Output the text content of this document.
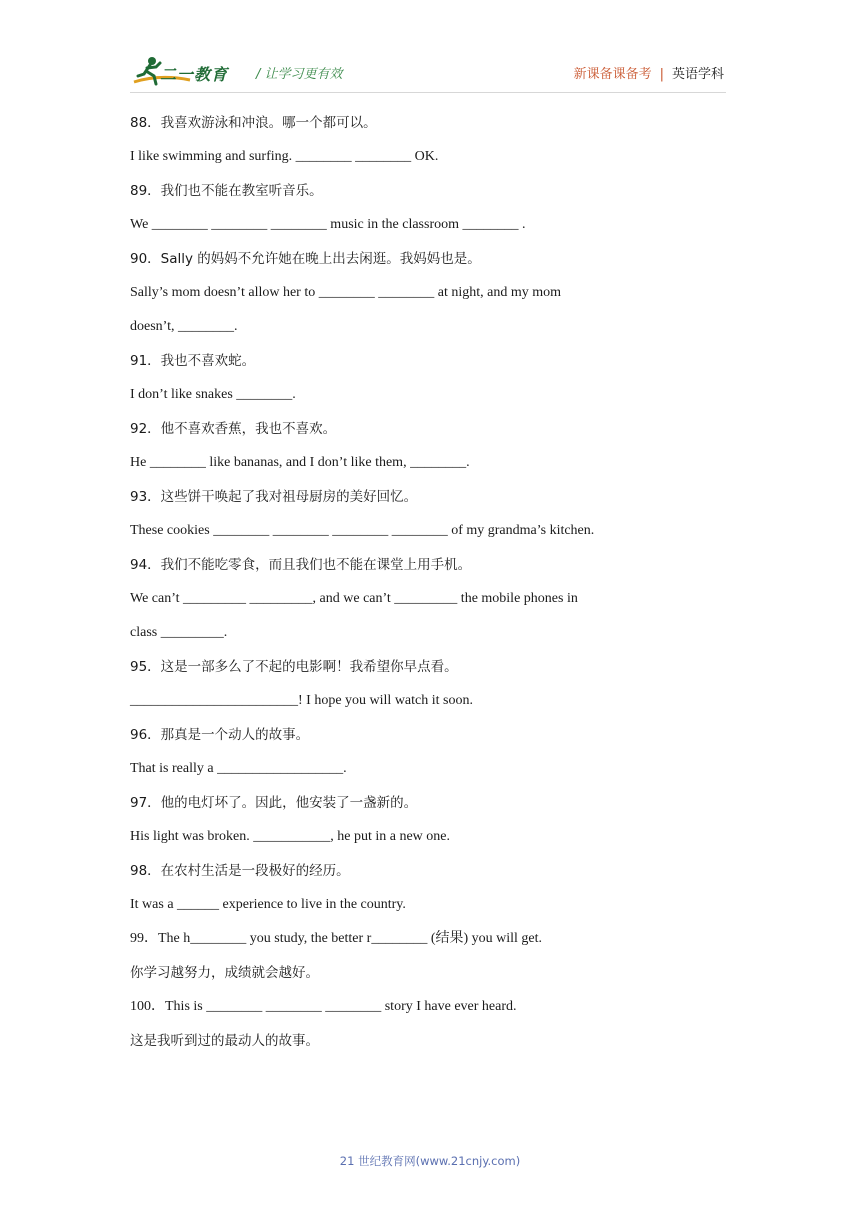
二一教育 / 让学习更有效	新课备课备考 | 英语学科
88．我喜欢游泳和冲浪。哪一个都可以。
I like swimming and surfing. ________ ________ OK.
89．我们也不能在教室听音乐。
We ________ ________ ________ music in the classroom ________ .
90．Sally 的妈妈不允许她在晚上出去闲逛。我妈妈也是。
Sally’s mom doesn’t allow her to ________ ________ at night, and my mom
doesn’t, ________.
91．我也不喜欢蛇。
I don’t like snakes ________.
92．他不喜欢香蕉，我也不喜欢。
He ________ like bananas, and I don’t like them, ________.
93．这些饼干唤起了我对祖母厨房的美好回忆。
These cookies ________ ________ ________ ________ of my grandma’s kitchen.
94．我们不能吃零食，而且我们也不能在课堂上用手机。
We can’t _________ _________, and we can’t _________ the mobile phones in
class _________.
95．这是一部多么了不起的电影啊！我希望你早点看。
________________________! I hope you will watch it soon.
96．那真是一个动人的故事。
That is really a __________________.
97．他的电灯坏了。因此，他安装了一盏新的。
His light was broken. ___________, he put in a new one.
98．在农村生活是一段极好的经历。
It was a ______ experience to live in the country.
99．The h________ you study, the better r________ (结果) you will get.
你学习越努力，成绩就会越好。
100．This is ________ ________ ________ story I have ever heard.
这是我听到过的最动人的故事。
21 世纪教育网(www.21cnjy.com)
